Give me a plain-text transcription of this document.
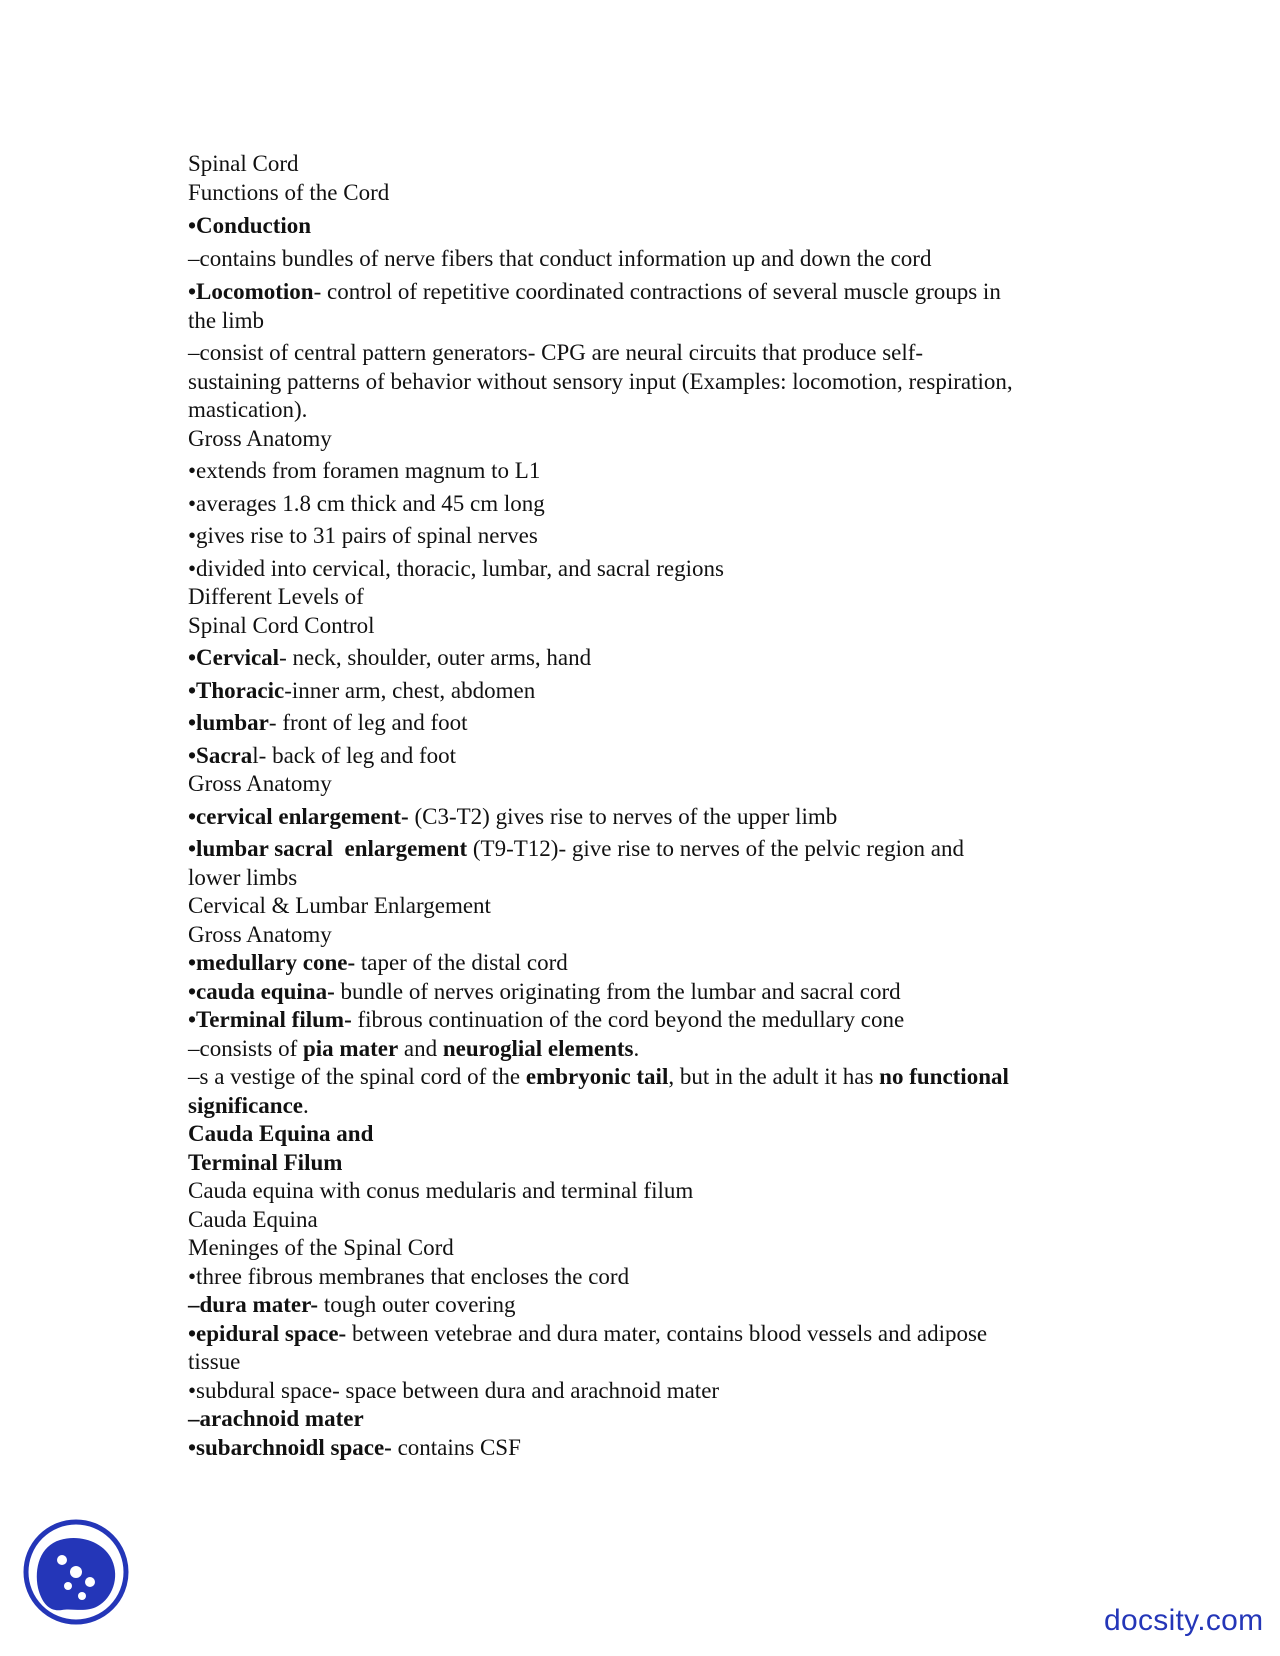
Spinal Cord
Functions of the Cord
•Conduction
–contains bundles of nerve fibers that conduct information up and down the cord
•Locomotion- control of repetitive coordinated contractions of several muscle groups in
the limb
–consist of central pattern generators- CPG are neural circuits that produce self-
sustaining patterns of behavior without sensory input (Examples: locomotion, respiration,
mastication).
Gross Anatomy
•extends from foramen magnum to L1
•averages 1.8 cm thick and 45 cm long
•gives rise to 31 pairs of spinal nerves
•divided into cervical, thoracic, lumbar, and sacral regions
Different Levels of
Spinal Cord Control
•Cervical- neck, shoulder, outer arms, hand
•Thoracic-inner arm, chest, abdomen
•lumbar- front of leg and foot
•Sacral- back of leg and foot
Gross Anatomy
•cervical enlargement- (C3-T2) gives rise to nerves of the upper limb
•lumbar sacral  enlargement (T9-T12)- give rise to nerves of the pelvic region and
lower limbs
Cervical & Lumbar Enlargement
Gross Anatomy
•medullary cone- taper of the distal cord
•cauda equina- bundle of nerves originating from the lumbar and sacral cord
•Terminal filum- fibrous continuation of the cord beyond the medullary cone
–consists of pia mater and neuroglial elements.
–s a vestige of the spinal cord of the embryonic tail, but in the adult it has no functional
significance.
Cauda Equina and
Terminal Filum
Cauda equina with conus medularis and terminal filum
Cauda Equina
Meninges of the Spinal Cord
•three fibrous membranes that encloses the cord
–dura mater- tough outer covering
•epidural space- between vetebrae and dura mater, contains blood vessels and adipose
tissue
•subdural space- space between dura and arachnoid mater
–arachnoid mater
•subarchnoidl space- contains CSF
docsity.com
